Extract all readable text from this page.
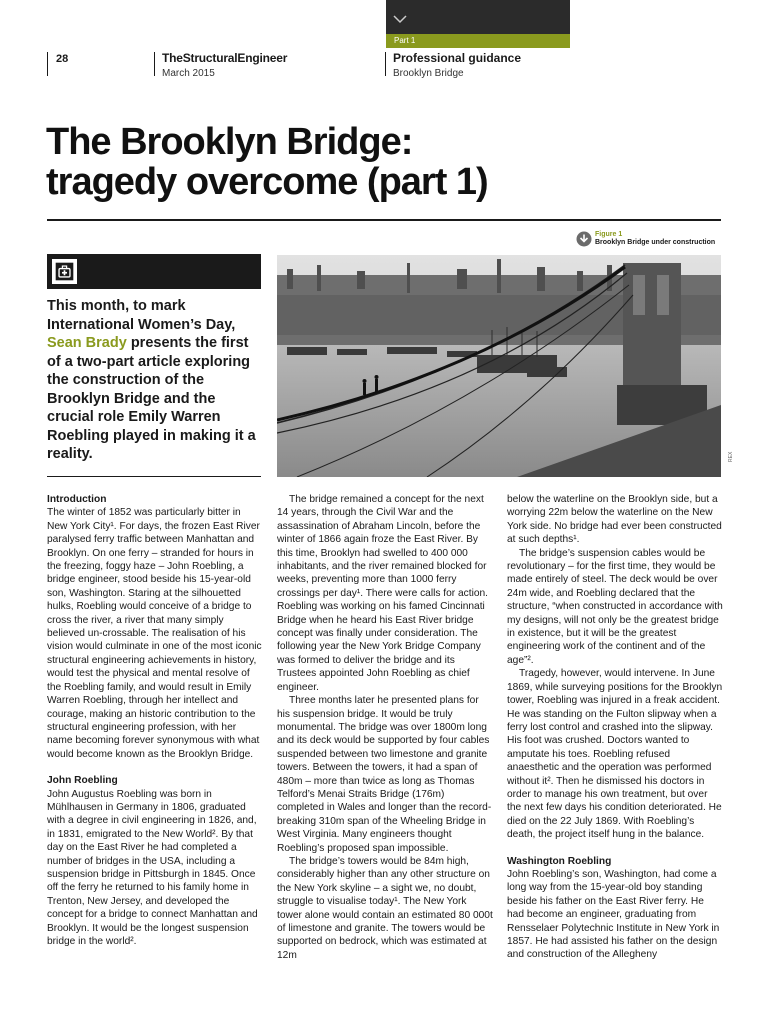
Part 1
28	TheStructuralEngineer
March 2015
Professional guidance
Brooklyn Bridge
The Brooklyn Bridge:
tragedy overcome (part 1)

This month, to mark International Women’s Day, Sean Brady presents the first of a two-part article exploring the construction of the Brooklyn Bridge and the crucial role Emily Warren Roebling played in making it a reality.

Figure 1
Brooklyn Bridge under construction
REX
Introduction

The winter of 1852 was particularly bitter in New York City¹. For days, the frozen East River paralysed ferry traffic between Manhattan and Brooklyn. On one ferry – stranded for hours in the freezing, foggy haze – John Roebling, a bridge engineer, stood beside his 15-year-old son, Washington. Staring at the silhouetted hulks, Roebling would conceive of a bridge to cross the river, a river that many simply believed un-crossable. The realisation of his vision would culminate in one of the most iconic structural engineering achievements in history, would test the physical and mental resolve of the Roebling family, and would result in Emily Warren Roebling, through her intellect and courage, making an historic contribution to the structural engineering profession, with her name becoming forever synonymous with what would become known as the Brooklyn Bridge.

John Roebling

John Augustus Roebling was born in Mühlhausen in Germany in 1806, graduated with a degree in civil engineering in 1826, and, in 1831, emigrated to the New World². By that day on the East River he had completed a number of bridges in the USA, including a suspension bridge in Pittsburgh in 1845. Once off the ferry he returned to his family home in Trenton, New Jersey, and developed the concept for a bridge to connect Manhattan and Brooklyn. It would be the longest suspension bridge in the world².

The bridge remained a concept for the next 14 years, through the Civil War and the assassination of Abraham Lincoln, before the winter of 1866 again froze the East River. By this time, Brooklyn had swelled to 400 000 inhabitants, and the river remained blocked for weeks, preventing more than 1000 ferry crossings per day¹. There were calls for action. Roebling was working on his famed Cincinnati Bridge when he heard his East River bridge concept was finally under consideration. The following year the New York Bridge Company was formed to deliver the bridge and its Trustees appointed John Roebling as chief engineer.

Three months later he presented plans for his suspension bridge. It would be truly monumental. The bridge was over 1800m long and its deck would be supported by four cables suspended between two limestone and granite towers. Between the towers, it had a span of 480m – more than twice as long as Thomas Telford’s Menai Straits Bridge (176m) completed in Wales and longer than the record-breaking 310m span of the Wheeling Bridge in West Virginia. Many engineers thought Roebling’s proposed span impossible.

The bridge’s towers would be 84m high, considerably higher than any other structure on the New York skyline – a sight we, no doubt, struggle to visualise today¹. The New York tower alone would contain an estimated 80 000t of limestone and granite. The towers would be supported on bedrock, which was estimated at 12m

below the waterline on the Brooklyn side, but a worrying 22m below the waterline on the New York side. No bridge had ever been constructed at such depths¹.

The bridge’s suspension cables would be revolutionary – for the first time, they would be made entirely of steel. The deck would be over 24m wide, and Roebling declared that the structure, “when constructed in accordance with my designs, will not only be the greatest bridge in existence, but it will be the greatest engineering work of the continent and of the age”².

Tragedy, however, would intervene. In June 1869, while surveying positions for the Brooklyn tower, Roebling was injured in a freak accident. He was standing on the Fulton slipway when a ferry lost control and crashed into the slipway. His foot was crushed. Doctors wanted to amputate his toes. Roebling refused anaesthetic and the operation was performed without it². Then he dismissed his doctors in order to manage his own treatment, but over the next few days his condition deteriorated. He died on the 22 July 1869. With Roebling’s death, the project itself hung in the balance.

Washington Roebling

John Roebling’s son, Washington, had come a long way from the 15-year-old boy standing beside his father on the East River ferry. He had become an engineer, graduating from Rensselaer Polytechnic Institute in New York in 1857. He had assisted his father on the design and construction of the Allegheny
